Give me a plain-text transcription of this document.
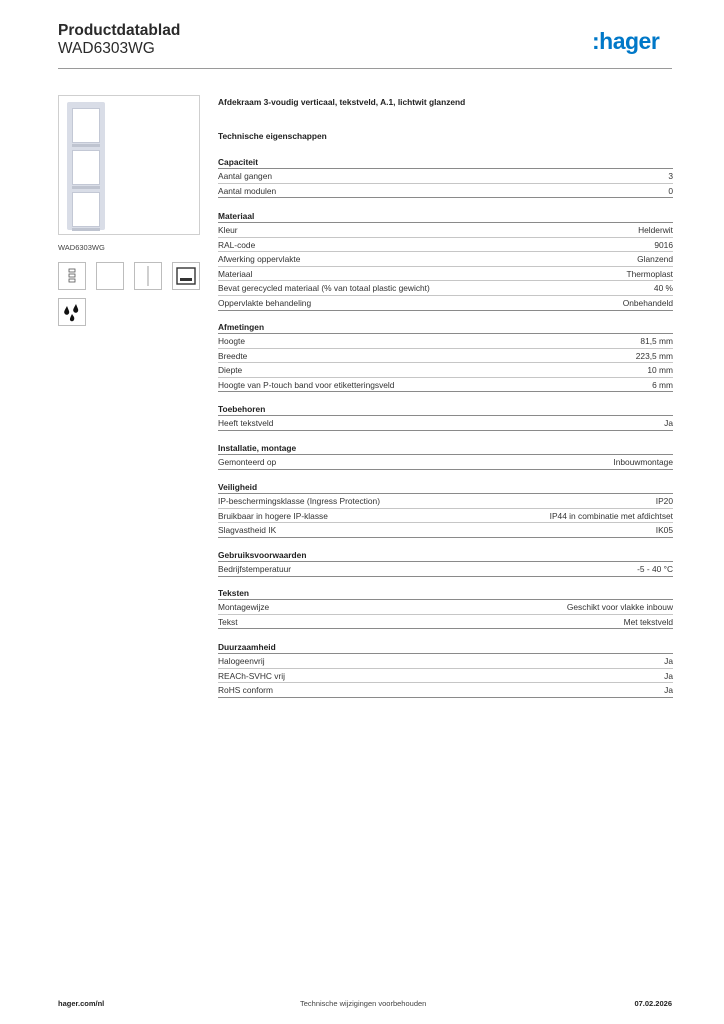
Productdatablad
WAD6303WG	:hager
WAD6303WG
Afdekraam 3-voudig verticaal, tekstveld, A.1, lichtwit glanzend
Technische eigenschappen
Capaciteit
Aantal gangen	3
Aantal modulen	0
Materiaal
Kleur	Helderwit
RAL-code	9016
Afwerking oppervlakte	Glanzend
Materiaal	Thermoplast
Bevat gerecycled materiaal (% van totaal plastic gewicht)	40 %
Oppervlakte behandeling	Onbehandeld
Afmetingen
Hoogte	81,5 mm
Breedte	223,5 mm
Diepte	10 mm
Hoogte van P-touch band voor etiketteringsveld	6 mm
Toebehoren
Heeft tekstveld	Ja
Installatie, montage
Gemonteerd op	Inbouwmontage
Veiligheid
IP-beschermingsklasse (Ingress Protection)	IP20
Bruikbaar in hogere IP-klasse	IP44 in combinatie met afdichtset
Slagvastheid IK	IK05
Gebruiksvoorwaarden
Bedrijfstemperatuur	-5 - 40 °C
Teksten
Montagewijze	Geschikt voor vlakke inbouw
Tekst	Met tekstveld
Duurzaamheid
Halogeenvrij	Ja
REACh-SVHC vrij	Ja
RoHS conform	Ja
hager.com/nl	Technische wijzigingen voorbehouden	07.02.2026
